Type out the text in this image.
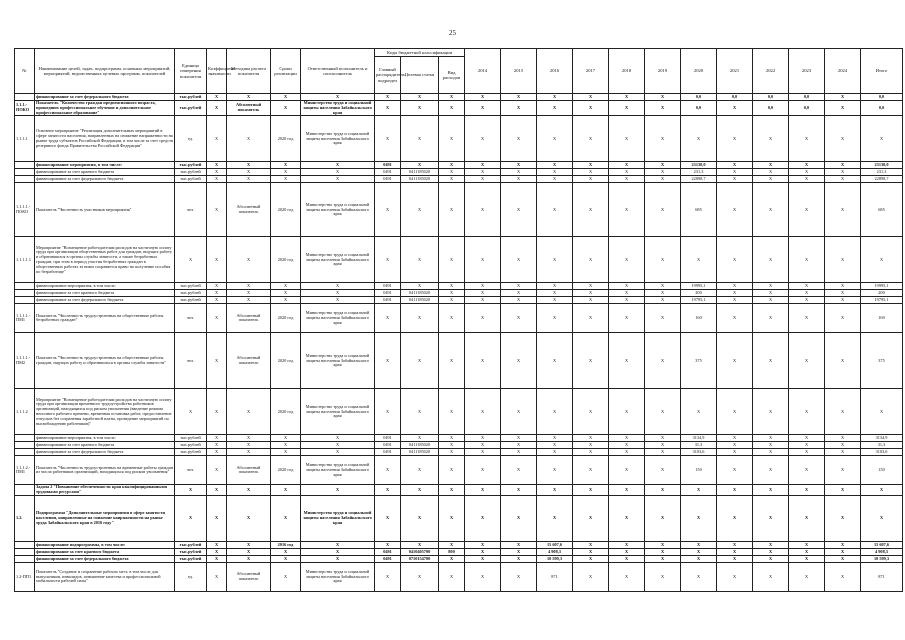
25
№	Наименование целей, задач, подпрограмм, основных мероприятий, мероприятий, ведомственных целевых программ, показателей	Единица измерения показателя	Коэффициент значимости	Методика расчета показателя	Сроки реализации	Ответственный исполнитель и соисполнитель	Коды бюджетной классификации			2014	2015	2016	2017	2018	2019	2020	2021	2022	2023	2024	Итого
							Главный распорядитель, подраздел	Целевая статья	Вид расходов												
	финансирование за счет федерального бюджета	тыс.рублей	X	X	X	X	X	X	X	X	X	X	X	X	X	0,0	0,0	0,0	0,0	X	0,0
1.1.1.-ПОКО	Показатель "Количество граждан предпенсионного возраста, прошедших профессиональное обучение и дополнительное профессиональное образование"	тыс.рублей	X	Абсолютный показатель	X	Министерство труда и социальной защиты населения Забайкальского края	X	X	X	X	X	X	X	X	X	0,0	X	0,0	0,0	X	0,0
1.1.1.1	Основное мероприятие "Реализация дополнительных мероприятий в сфере занятости населения, направленных на снижение напряженности на рынке труда субъектов Российской Федерации, в том числе за счет средств резервного фонда Правительства Российской Федерации"	ед.	X	X	2020 год	Министерство труда и социальной защиты населения Забайкальского края	X	X	X	X	X	X	X	X	X	X	X	X	X	X	X
	финансирование мероприятия, в том числе:	тыс.рублей	X	X	X	X	0491	X	X	X	X	X	X	X	X	23130,0	X	X	X	X	23130,0
	финансирование за счет краевого бюджета	тыс.рублей	X	X	X	X	0491	0411185020	X	X	X	X	X	X	X	231,3	X	X	X	X	231,3
	финансирование за счет федерального бюджета	тыс.рублей	X	X	X	X	0491	0411185020	X	X	X	X	X	X	X	22898,7	X	X	X	X	22898,7
1.1.1.1.-ПОКО	Показатель "Численность участников мероприятия"	чел.	X	Абсолютный показатель	2020 год	Министерство труда и социальной защиты населения Забайкальского края	X	X	X	X	X	X	X	X	X	685	X	X	X	X	685
1.1.1.1.1	Мероприятие "Возмещение работодателям расходов на частичную оплату труда при организации общественных работ для граждан, ищущих работу и обратившихся в органы службы занятости, а также безработных граждан, при этом в период участия безработных граждан в общественных работах за ними сохраняется право на получение пособия по безработице"	X	X	X	2020 год	Министерство труда и социальной защиты населения Забайкальского края	X	X	X	X	X	X	X	X	X	X	X	X	X	X	X
	финансирование мероприятия, в том числе:	тыс.рублей	X	X	X	X	0491	X	X	X	X	X	X	X	X	19995,1	X	X	X	X	19995,1
	финансирование за счет краевого бюджета	тыс.рублей	X	X	X	X	0491	0411185020	X	X	X	X	X	X	X	200	X	X	X	X	200
	финансирование за счет федерального бюджета	тыс.рублей	X	X	X	X	0491	0411185020	X	X	X	X	X	X	X	19795,1	X	X	X	X	19795,1
1.1.1.1.-ПМ1	Показатель "Численность трудоустроенных на общественные работы безработных граждан"	чел.	X	Абсолютный показатель	2020 год	Министерство труда и социальной защиты населения Забайкальского края	X	X	X	X	X	X	X	X	X	160	X	X	X	X	160
1.1.1.1.-ПМ2	Показатель "Численность трудоустроенных на общественные работы граждан, ищущих работу и обратившихся в органы службы занятости"	чел.	X	Абсолютный показатель	2020 год	Министерство труда и социальной защиты населения Забайкальского края	X	X	X	X	X	X	X	X	X	375	X	X	X	X	375
1.1.1.2	Мероприятие "Возмещение работодателям расходов на частичную оплату труда при организации временного трудоустройства работников организаций, находящихся под риском увольнения (введение режима неполного рабочего времени, временная остановка работ, предоставление отпусков без сохранения заработной платы, проведение мероприятий по высвобождению работников)"	X	X	X	2020 год	Министерство труда и социальной защиты населения Забайкальского края	X	X	X	X	X	X	X	X	X	X	X	X	X	X	X
	финансирование мероприятия, в том числе:	тыс.рублей	X	X	X	X	0491	X	X	X	X	X	X	X	X	3134,9	X	X	X	X	3134,9
	финансирование за счет краевого бюджета	тыс.рублей	X	X	X	X	0491	0411185020	X	X	X	X	X	X	X	31,3	X	X	X	X	31,3
	финансирование за счет федерального бюджета	тыс.рублей	X	X	X	X	0491	0411185020	X	X	X	X	X	X	X	3103,6	X	X	X	X	3103,6
1.1.1.2.-ПМ1	Показатель "Численность трудоустроенных на временные работы граждан из числа работников организаций, находящихся под риском увольнения"	чел.	X	Абсолютный показатель	2020 год	Министерство труда и социальной защиты населения Забайкальского края	X	X	X	X	X	X	X	X	X	150	X	X	X	X	150
	Задача 2 "Повышение обеспеченности края квалифицированными трудовыми ресурсами"	X	X	X	X	X	X	X	X	X	X	X	X	X	X	X	X	X	X	X	X
1.2.	Подпрограмма "Дополнительные мероприятия в сфере занятости населения, направленные на снижение напряженности на рынке труда Забайкальского края в 2016 году"	X	X	X	X	Министерство труда и социальной защиты населения Забайкальского края	X	X	X	X	X	X	X	X	X	X	X	X	X	X	X
	финансирование подпрограммы, в том числе:	тыс.рублей	X	X	2016 год	X	X	X	X	X	X	15 607,6	X	X	X	X	X	X	X	X	15 607,6
	финансирование за счет краевого бюджета	тыс.рублей	X	X	X	X	0491	0410405700	800	X	X	4 908,3	X	X	X	X	X	X	X	X	4 908,3
	финансирование за счет федерального бюджета	тыс.рублей	X	X	X	X	0491	0710154700	X	X	X	10 599,3	X	X	X	X	X	X	X	X	10 599,3
1.2-ПП1	Показатель "Создание и сохранение рабочих мест, в том числе для выпускников, инвалидов, повышение качества и профессиональной мобильности рабочей силы"	ед.	X	Абсолютный показатель	X	Министерство труда и социальной защиты населения Забайкальского края	X	X	X	X	X	871	X	X	X	X	X	X	X	X	871
